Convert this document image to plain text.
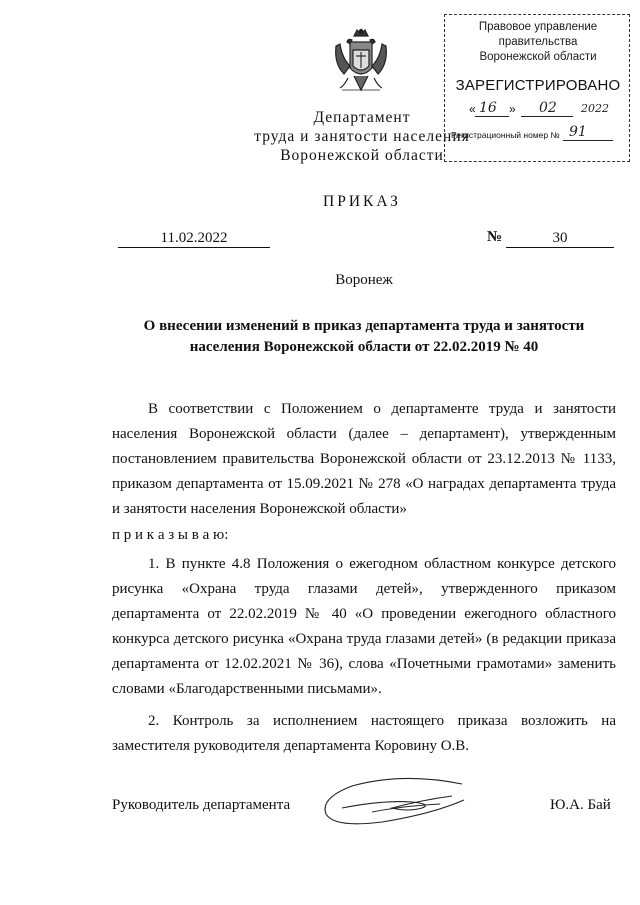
Правовое управление правительства
Воронежской области
ЗАРЕГИСТРИРОВАНО
« 16 » 02 2022
Регистрационный номер № 91
Департамент
труда и занятости населения
Воронежской области
ПРИКАЗ
11.02.2022	№	30
Воронеж
О внесении изменений в приказ департамента труда и занятости
населения Воронежской области от 22.02.2019 № 40

В соответствии с Положением о департаменте труда и занятости населения Воронежской области (далее – департамент), утвержденным постановлением правительства Воронежской области от 23.12.2013 № 1133, приказом департамента от 15.09.2021 № 278 «О наградах департамента труда и занятости населения Воронежской области»

п р и к а з ы в а ю:

1. В пункте 4.8 Положения о ежегодном областном конкурсе детского рисунка «Охрана труда глазами детей», утвержденного приказом департамента от 22.02.2019 № 40 «О проведении ежегодного областного конкурса детского рисунка «Охрана труда глазами детей» (в редакции приказа департамента от 12.02.2021 № 36), слова «Почетными грамотами» заменить словами «Благодарственными письмами».

2. Контроль за исполнением настоящего приказа возложить на заместителя руководителя департамента Коровину О.В.

Руководитель департамента	Ю.А. Бай
